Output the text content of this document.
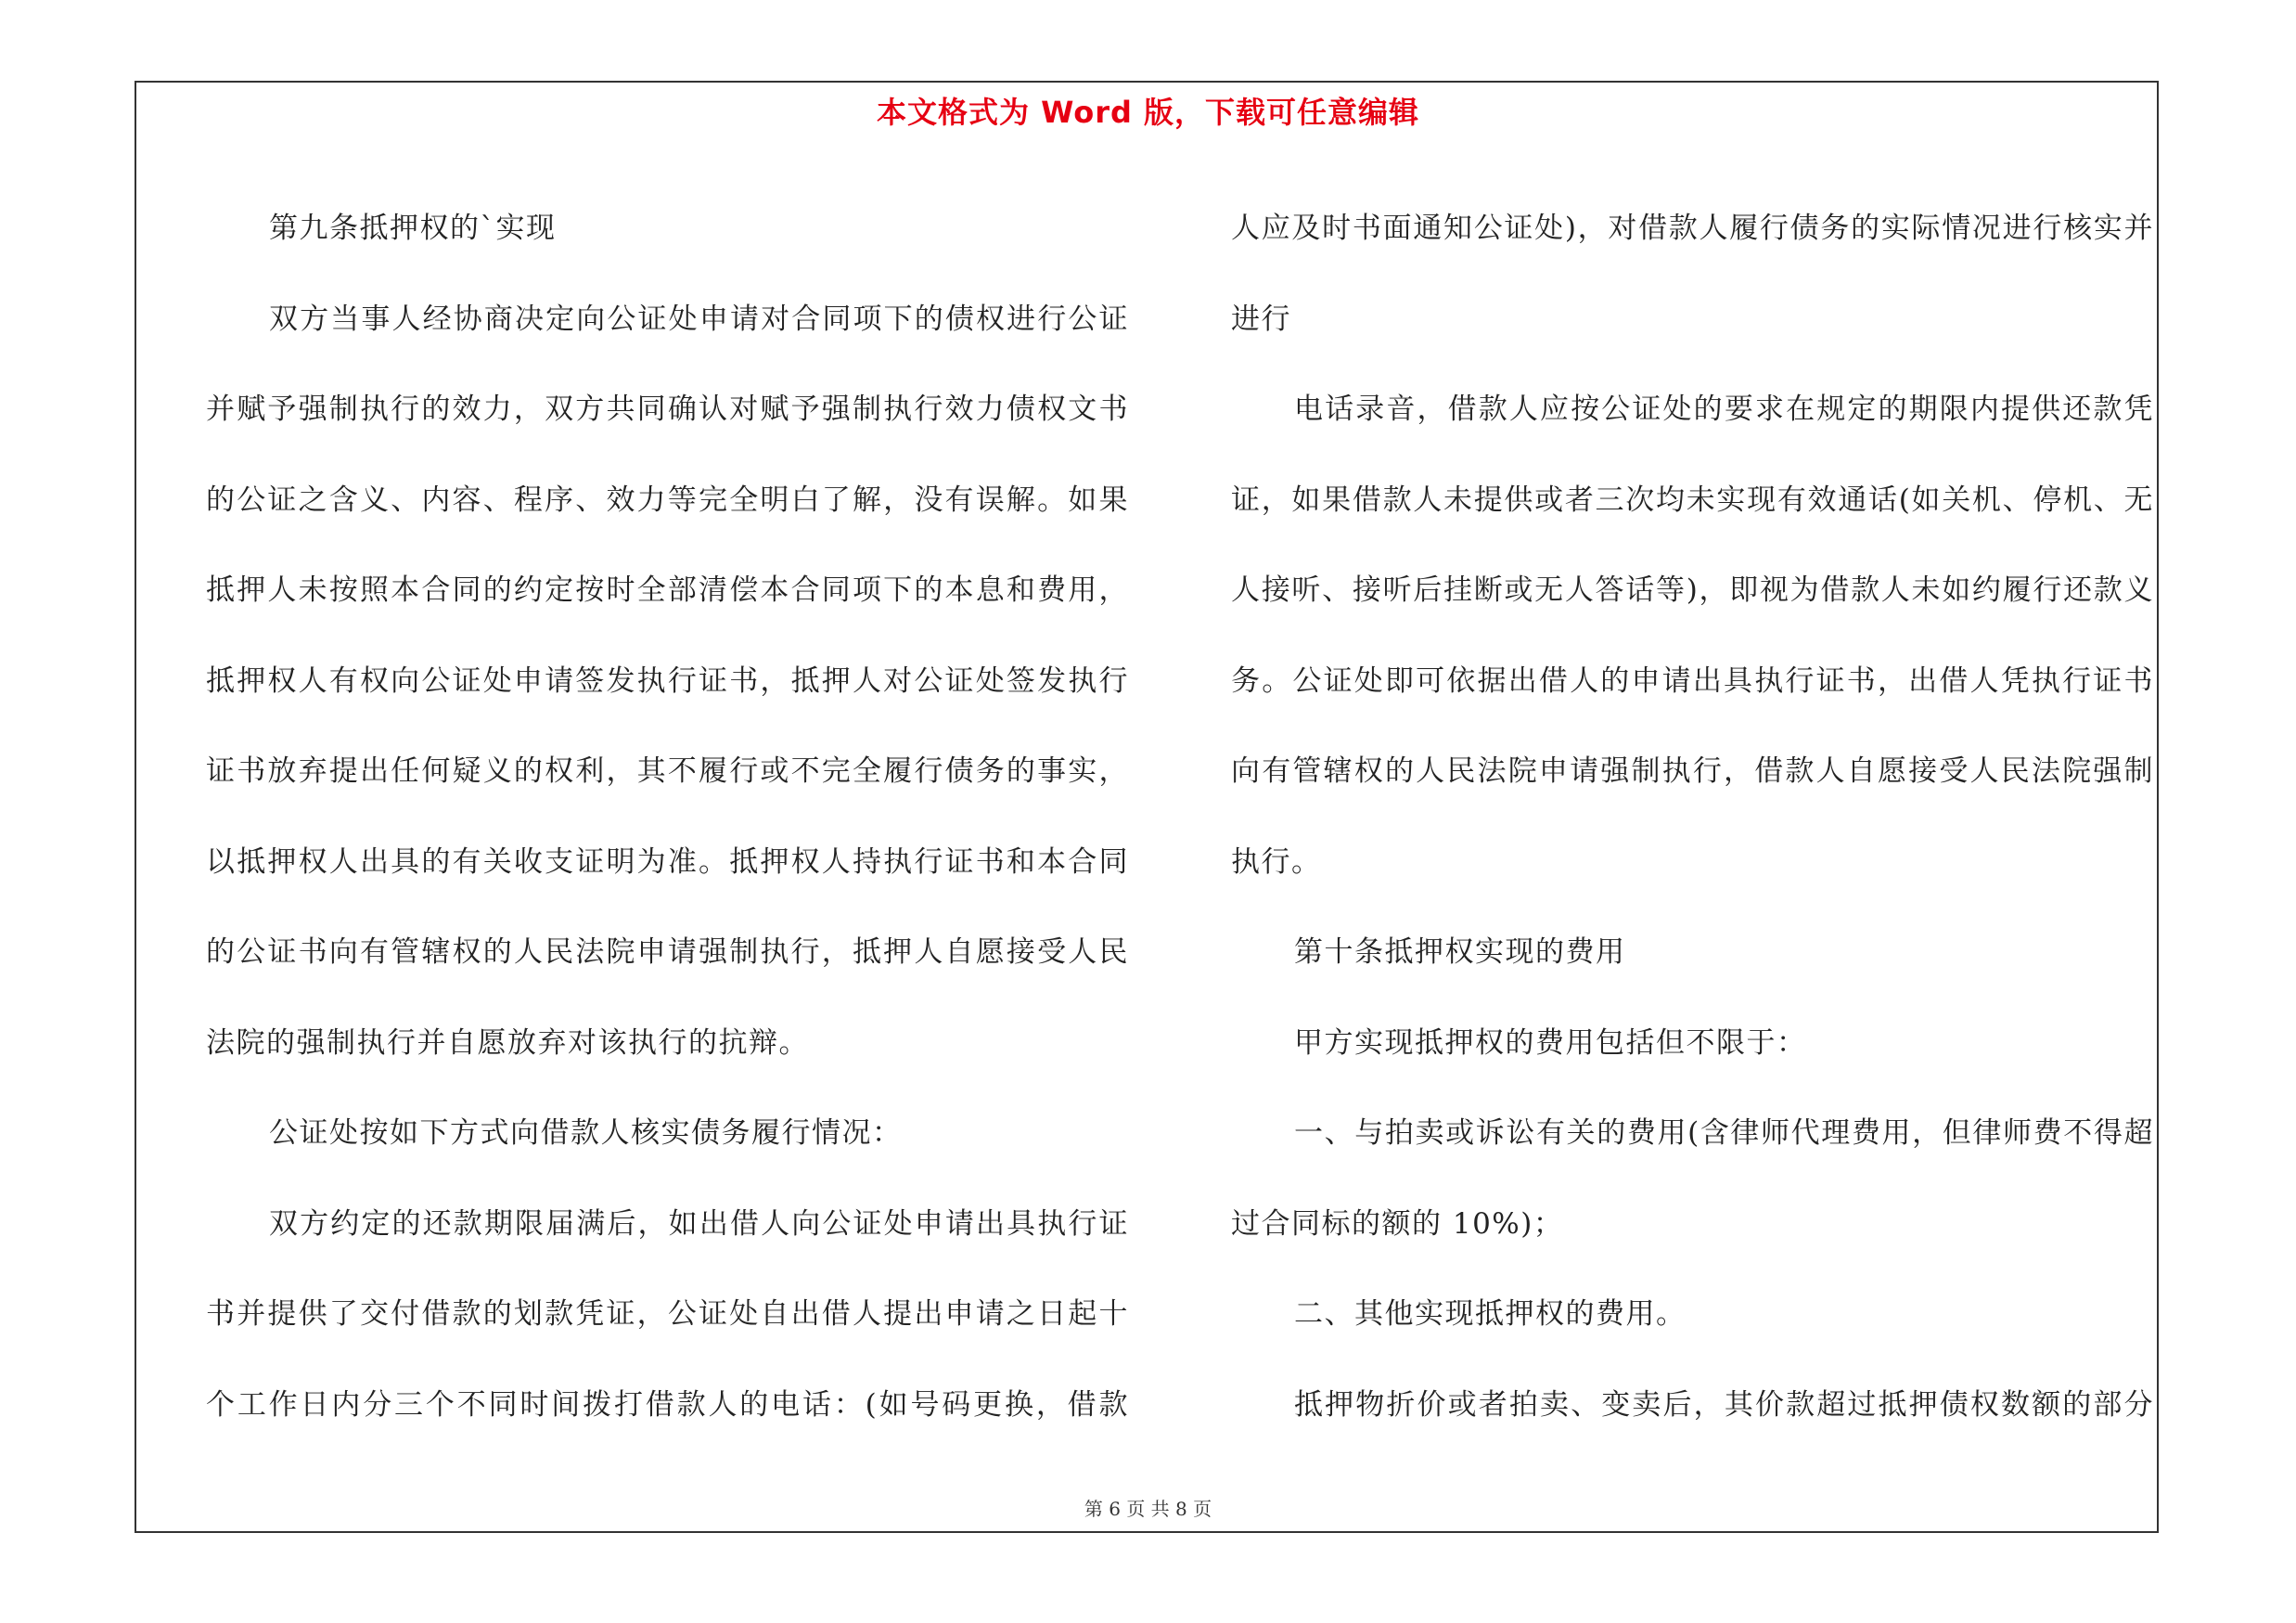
本文格式为 Word 版，下载可任意编辑

第九条抵押权的`实现

双方当事人经协商决定向公证处申请对合同项下的债权进行公证并赋予强制执行的效力，双方共同确认对赋予强制执行效力债权文书的公证之含义、内容、程序、效力等完全明白了解，没有误解。如果抵押人未按照本合同的约定按时全部清偿本合同项下的本息和费用，抵押权人有权向公证处申请签发执行证书，抵押人对公证处签发执行证书放弃提出任何疑义的权利，其不履行或不完全履行债务的事实，以抵押权人出具的有关收支证明为准。抵押权人持执行证书和本合同的公证书向有管辖权的人民法院申请强制执行，抵押人自愿接受人民法院的强制执行并自愿放弃对该执行的抗辩。

公证处按如下方式向借款人核实债务履行情况：

双方约定的还款期限届满后，如出借人向公证处申请出具执行证书并提供了交付借款的划款凭证，公证处自出借人提出申请之日起十个工作日内分三个不同时间拨打借款人的电话：(如号码更换，借款

人应及时书面通知公证处)，对借款人履行债务的实际情况进行核实并进行

电话录音，借款人应按公证处的要求在规定的期限内提供还款凭证，如果借款人未提供或者三次均未实现有效通话(如关机、停机、无人接听、接听后挂断或无人答话等)，即视为借款人未如约履行还款义务。公证处即可依据出借人的申请出具执行证书，出借人凭执行证书向有管辖权的人民法院申请强制执行，借款人自愿接受人民法院强制执行。

第十条抵押权实现的费用

甲方实现抵押权的费用包括但不限于：

一、与拍卖或诉讼有关的费用(含律师代理费用，但律师费不得超过合同标的额的 10%)；

二、其他实现抵押权的费用。

抵押物折价或者拍卖、变卖后，其价款超过抵押债权数额的部分

第 6 页 共 8 页
